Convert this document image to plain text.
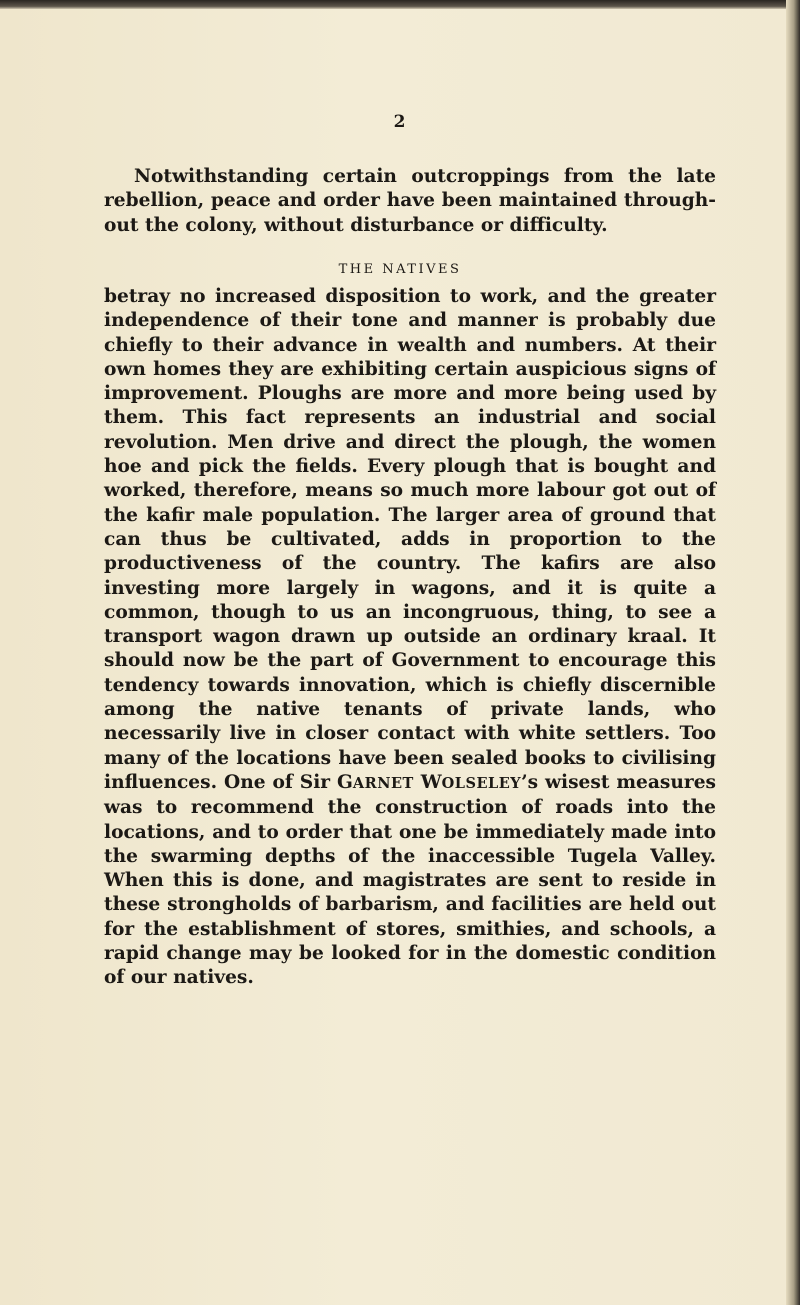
2

Notwithstanding certain outcroppings from the late rebellion, peace and order have been maintained throughout the colony, without disturbance or difficulty.

THE NATIVES

betray no increased disposition to work, and the greater independence of their tone and manner is probably due chiefly to their advance in wealth and numbers. At their own homes they are exhibiting certain auspicious signs of improvement. Ploughs are more and more being used by them. This fact represents an industrial and social revolution. Men drive and direct the plough, the women hoe and pick the fields. Every plough that is bought and worked, therefore, means so much more labour got out of the kafir male population. The larger area of ground that can thus be cultivated, adds in proportion to the productiveness of the country. The kafirs are also investing more largely in wagons, and it is quite a common, though to us an incongruous, thing, to see a transport wagon drawn up outside an ordinary kraal. It should now be the part of Government to encourage this tendency towards innovation, which is chiefly discernible among the native tenants of private lands, who necessarily live in closer contact with white settlers. Too many of the locations have been sealed books to civilising influences. One of Sir GARNET WOLSELEY’s wisest measures was to recommend the construction of roads into the locations, and to order that one be immediately made into the swarming depths of the inaccessible Tugela Valley. When this is done, and magistrates are sent to reside in these strongholds of barbarism, and facilities are held out for the establishment of stores, smithies, and schools, a rapid change may be looked for in the domestic condition of our natives.
